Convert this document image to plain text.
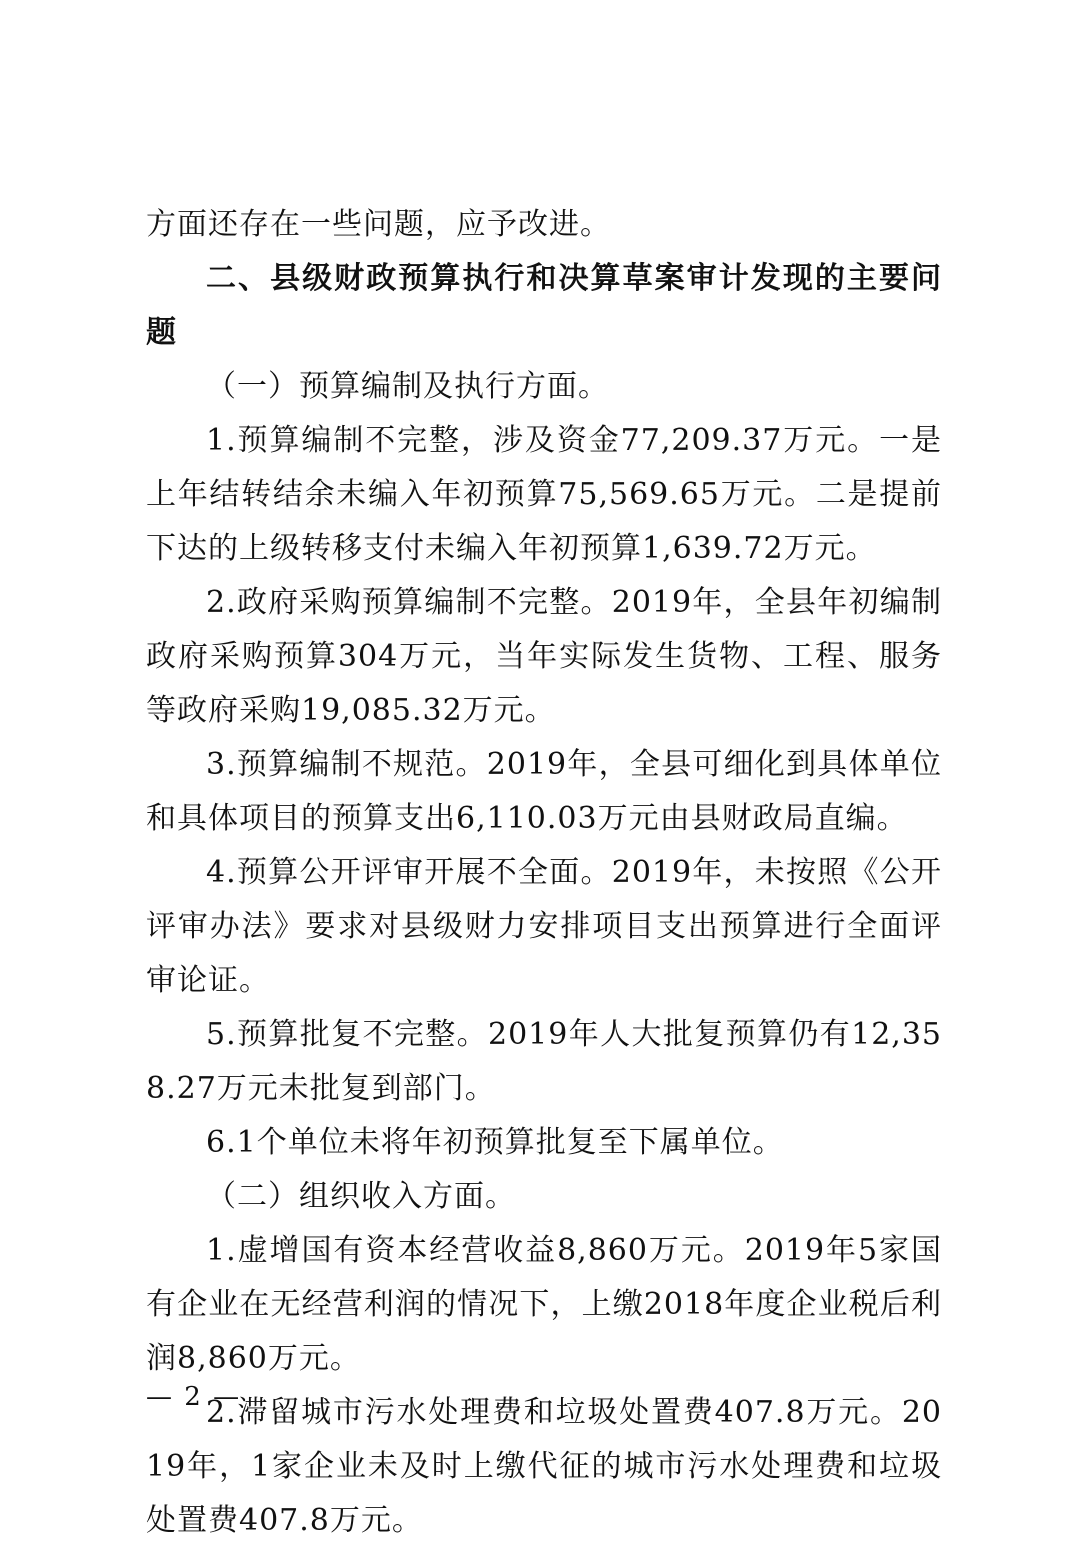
方面还存在一些问题，应予改进。

二、县级财政预算执行和决算草案审计发现的主要问题

（一）预算编制及执行方面。

1.预算编制不完整，涉及资金77,209.37万元。一是上年结转结余未编入年初预算75,569.65万元。二是提前下达的上级转移支付未编入年初预算1,639.72万元。

2.政府采购预算编制不完整。2019年，全县年初编制政府采购预算304万元，当年实际发生货物、工程、服务等政府采购19,085.32万元。

3.预算编制不规范。2019年，全县可细化到具体单位和具体项目的预算支出6,110.03万元由县财政局直编。

4.预算公开评审开展不全面。2019年，未按照《公开评审办法》要求对县级财力安排项目支出预算进行全面评审论证。

5.预算批复不完整。2019年人大批复预算仍有12,358.27万元未批复到部门。

6.1个单位未将年初预算批复至下属单位。

（二）组织收入方面。

1.虚增国有资本经营收益8,860万元。2019年5家国有企业在无经营利润的情况下，上缴2018年度企业税后利润8,860万元。

2.滞留城市污水处理费和垃圾处置费407.8万元。2019年，1家企业未及时上缴代征的城市污水处理费和垃圾处置费407.8万元。

— 2 —
